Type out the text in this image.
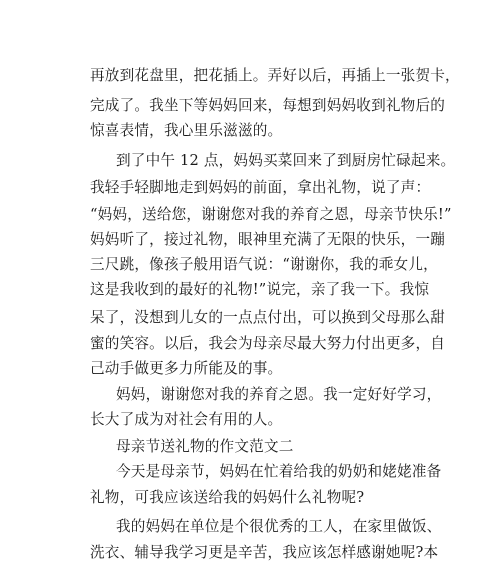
再放到花盘里，把花插上。弄好以后，再插上一张贺卡，
完成了。我坐下等妈妈回来，每想到妈妈收到礼物后的
惊喜表情，我心里乐滋滋的。
到了中午 12 点，妈妈买菜回来了到厨房忙碌起来。
我轻手轻脚地走到妈妈的前面，拿出礼物，说了声：
“妈妈，送给您，谢谢您对我的养育之恩，母亲节快乐!”
妈妈听了，接过礼物，眼神里充满了无限的快乐，一蹦
三尺跳，像孩子般用语气说：“谢谢你，我的乖女儿，
这是我收到的最好的礼物!”说完，亲了我一下。我惊
呆了，没想到儿女的一点点付出，可以换到父母那么甜
蜜的笑容。以后，我会为母亲尽最大努力付出更多，自
己动手做更多力所能及的事。
妈妈，谢谢您对我的养育之恩。我一定好好学习，
长大了成为对社会有用的人。
母亲节送礼物的作文范文二
今天是母亲节，妈妈在忙着给我的奶奶和姥姥准备
礼物，可我应该送给我的妈妈什么礼物呢?
我的妈妈在单位是个很优秀的工人，在家里做饭、
洗衣、辅导我学习更是辛苦，我应该怎样感谢她呢?本
